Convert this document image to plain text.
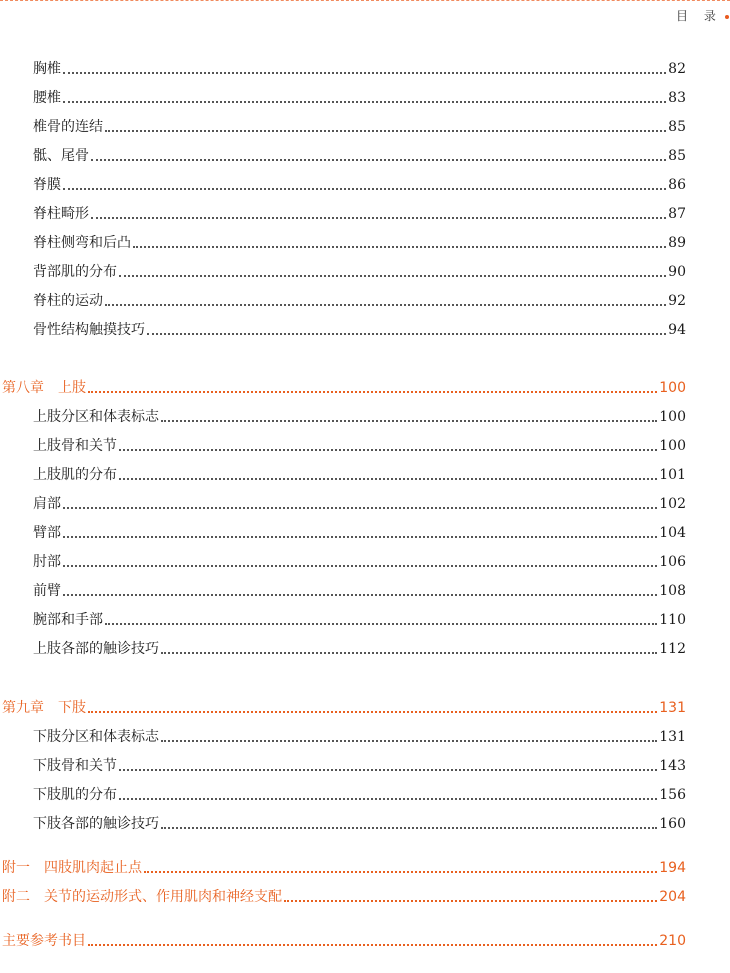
目 录
胸椎	82
腰椎	83
椎骨的连结	85
骶、尾骨	85
脊膜	86
脊柱畸形	87
脊柱侧弯和后凸	89
背部肌的分布	90
脊柱的运动	92
骨性结构触摸技巧	94
第八章　上肢	100
上肢分区和体表标志	100
上肢骨和关节	100
上肢肌的分布	101
肩部	102
臂部	104
肘部	106
前臂	108
腕部和手部	110
上肢各部的触诊技巧	112
第九章　下肢	131
下肢分区和体表标志	131
下肢骨和关节	143
下肢肌的分布	156
下肢各部的触诊技巧	160
附一　四肢肌肉起止点	194
附二　关节的运动形式、作用肌肉和神经支配	204
主要参考书目	210
